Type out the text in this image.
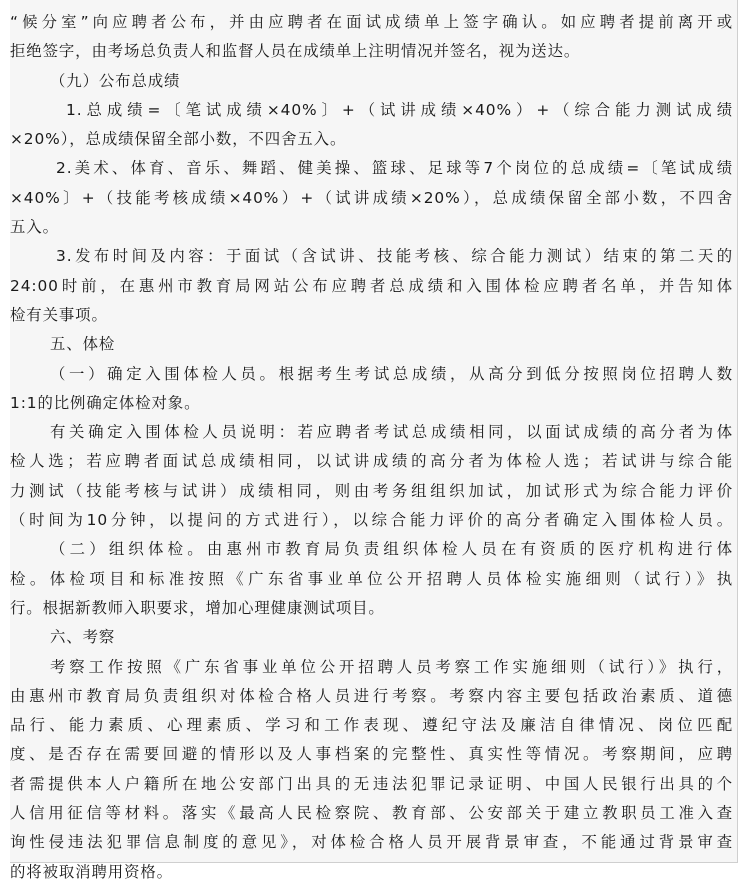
“候分室”向应聘者公布，并由应聘者在面试成绩单上签字确认。如应聘者提前离开或
拒绝签字，由考场总负责人和监督人员在成绩单上注明情况并签名，视为送达。
（九）公布总成绩
1.总成绩=〔笔试成绩×40%〕+（试讲成绩×40%）+（综合能力测试成绩
×20%），总成绩保留全部小数，不四舍五入。
2.美术、体育、音乐、舞蹈、健美操、篮球、足球等7个岗位的总成绩=〔笔试成绩
×40%〕+（技能考核成绩×40%）+（试讲成绩×20%），总成绩保留全部小数，不四舍
五入。
3.发布时间及内容：于面试（含试讲、技能考核、综合能力测试）结束的第二天的
24:00时前，在惠州市教育局网站公布应聘者总成绩和入围体检应聘者名单，并告知体
检有关事项。
五、体检
（一）确定入围体检人员。根据考生考试总成绩，从高分到低分按照岗位招聘人数
1:1的比例确定体检对象。
有关确定入围体检人员说明：若应聘者考试总成绩相同，以面试成绩的高分者为体
检人选；若应聘者面试总成绩相同，以试讲成绩的高分者为体检人选；若试讲与综合能
力测试（技能考核与试讲）成绩相同，则由考务组组织加试，加试形式为综合能力评价
（时间为10分钟，以提问的方式进行），以综合能力评价的高分者确定入围体检人员。
（二）组织体检。由惠州市教育局负责组织体检人员在有资质的医疗机构进行体
检。体检项目和标准按照《广东省事业单位公开招聘人员体检实施细则（试行）》执
行。根据新教师入职要求，增加心理健康测试项目。
六、考察
考察工作按照《广东省事业单位公开招聘人员考察工作实施细则（试行）》执行，
由惠州市教育局负责组织对体检合格人员进行考察。考察内容主要包括政治素质、道德
品行、能力素质、心理素质、学习和工作表现、遵纪守法及廉洁自律情况、岗位匹配
度、是否存在需要回避的情形以及人事档案的完整性、真实性等情况。考察期间，应聘
者需提供本人户籍所在地公安部门出具的无违法犯罪记录证明、中国人民银行出具的个
人信用征信等材料。落实《最高人民检察院、教育部、公安部关于建立教职员工准入查
询性侵违法犯罪信息制度的意见》，对体检合格人员开展背景审查，不能通过背景审查
的将被取消聘用资格。
